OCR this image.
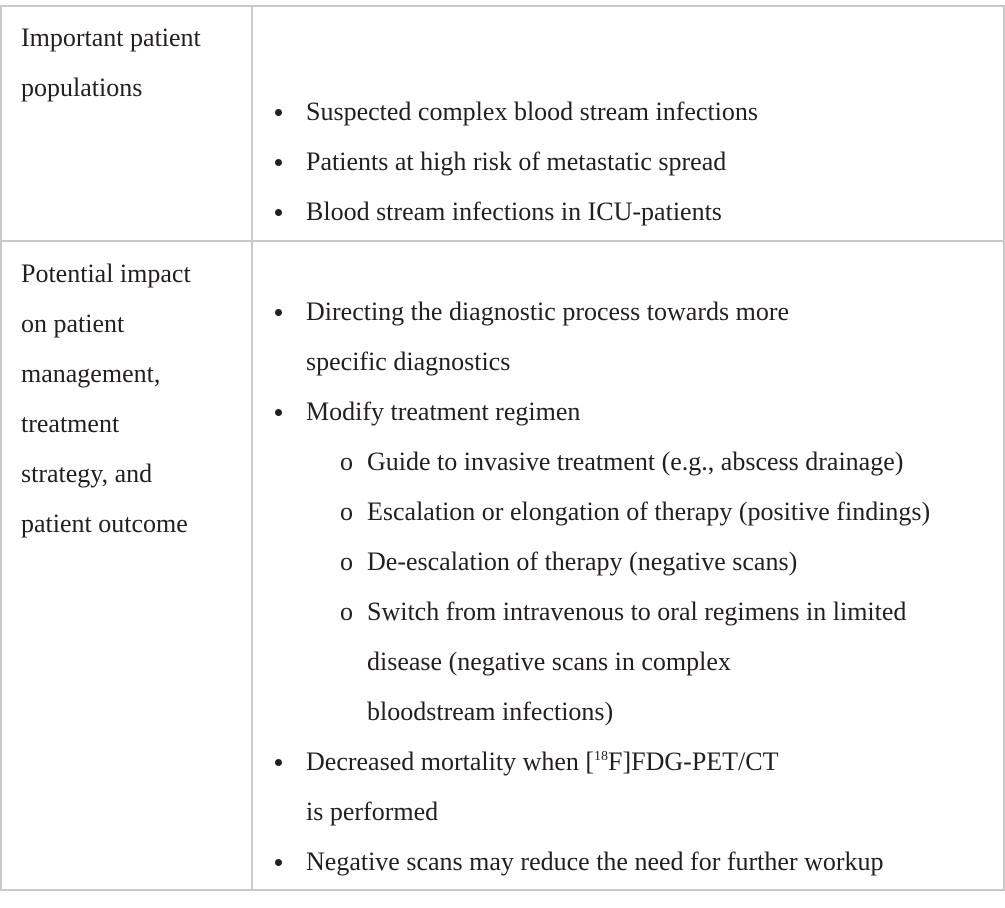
Important patient
populations
Suspected complex blood stream infections
Patients at high risk of metastatic spread
Blood stream infections in ICU-patients
Potential impact
on patient
management,
treatment
strategy, and
patient outcome
Directing the diagnostic process towards more
specific diagnostics
Modify treatment regimen
o Guide to invasive treatment (e.g., abscess drainage)
o Escalation or elongation of therapy (positive findings)
o De-escalation of therapy (negative scans)
o Switch from intravenous to oral regimens in limited
disease (negative scans in complex
bloodstream infections)
Decreased mortality when [$^{18}$F]FDG-PET/CT
is performed
Negative scans may reduce the need for further workup
